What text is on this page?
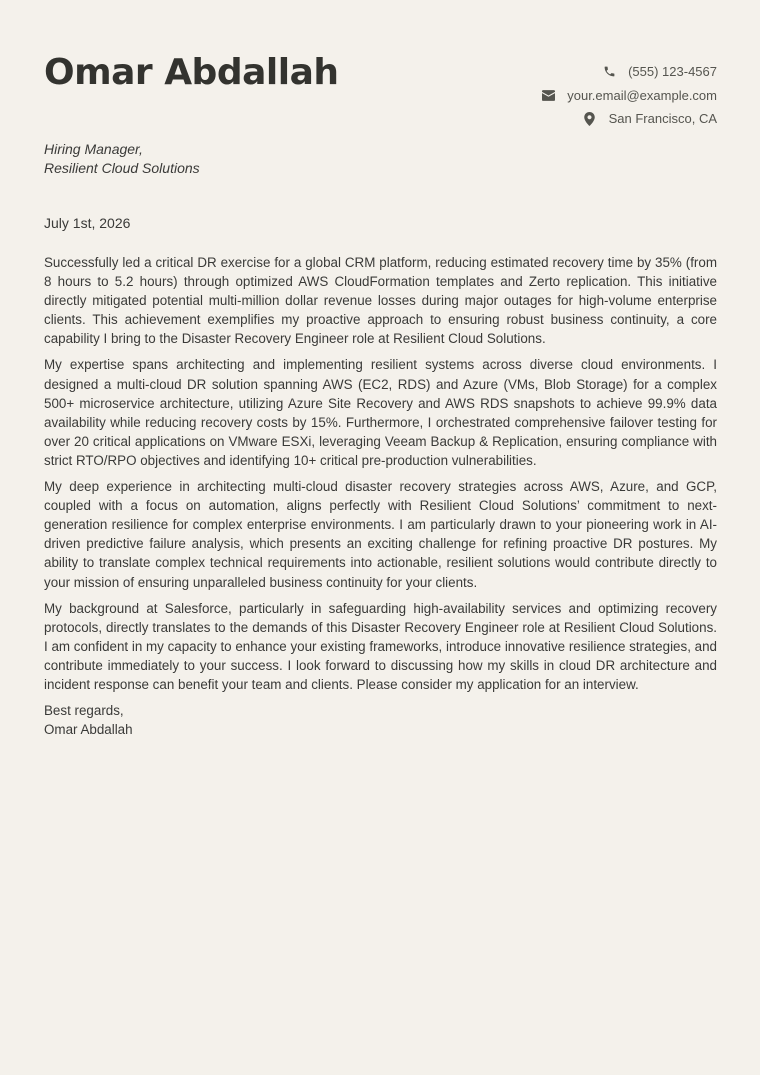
Omar Abdallah	(555) 123-4567
your.email@example.com
San Francisco, CA
Hiring Manager,
Resilient Cloud Solutions
July 1st, 2026

Successfully led a critical DR exercise for a global CRM platform, reducing estimated recovery time by 35% (from 8 hours to 5.2 hours) through optimized AWS CloudFormation templates and Zerto replication. This initiative directly mitigated potential multi-million dollar revenue losses during major outages for high-volume enterprise clients. This achievement exemplifies my proactive approach to ensuring robust business continuity, a core capability I bring to the Disaster Recovery Engineer role at Resilient Cloud Solutions.

My expertise spans architecting and implementing resilient systems across diverse cloud environments. I designed a multi-cloud DR solution spanning AWS (EC2, RDS) and Azure (VMs, Blob Storage) for a complex 500+ microservice architecture, utilizing Azure Site Recovery and AWS RDS snapshots to achieve 99.9% data availability while reducing recovery costs by 15%. Furthermore, I orchestrated comprehensive failover testing for over 20 critical applications on VMware ESXi, leveraging Veeam Backup & Replication, ensuring compliance with strict RTO/RPO objectives and identifying 10+ critical pre-production vulnerabilities.

My deep experience in architecting multi-cloud disaster recovery strategies across AWS, Azure, and GCP, coupled with a focus on automation, aligns perfectly with Resilient Cloud Solutions’ commitment to next-generation resilience for complex enterprise environments. I am particularly drawn to your pioneering work in AI-driven predictive failure analysis, which presents an exciting challenge for refining proactive DR postures. My ability to translate complex technical requirements into actionable, resilient solutions would contribute directly to your mission of ensuring unparalleled business continuity for your clients.

My background at Salesforce, particularly in safeguarding high-availability services and optimizing recovery protocols, directly translates to the demands of this Disaster Recovery Engineer role at Resilient Cloud Solutions. I am confident in my capacity to enhance your existing frameworks, introduce innovative resilience strategies, and contribute immediately to your success. I look forward to discussing how my skills in cloud DR architecture and incident response can benefit your team and clients. Please consider my application for an interview.

Best regards,
Omar Abdallah
